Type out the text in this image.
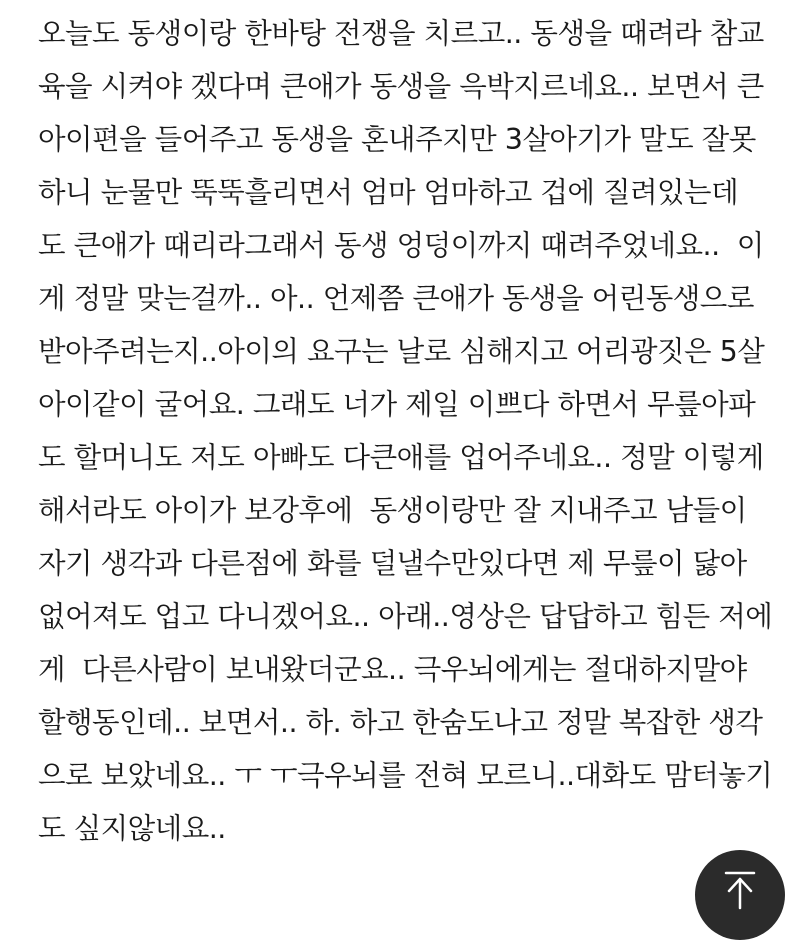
오늘도 동생이랑 한바탕 전쟁을 치르고.. 동생을 때려라 참교
육을 시켜야 겠다며 큰애가 동생을 윽박지르네요.. 보면서 큰
아이편을 들어주고 동생을 혼내주지만 3살아기가 말도 잘못
하니 눈물만 뚝뚝흘리면서 엄마 엄마하고 겁에 질려있는데
도 큰애가 때리라그래서 동생 엉덩이까지 때려주었네요..  이
게 정말 맞는걸까.. 아.. 언제쯤 큰애가 동생을 어린동생으로
받아주려는지..아이의 요구는 날로 심해지고 어리광짓은 5살
아이같이 굴어요. 그래도 너가 제일 이쁘다 하면서 무릎아파
도 할머니도 저도 아빠도 다큰애를 업어주네요.. 정말 이렇게
해서라도 아이가 보강후에  동생이랑만 잘 지내주고 남들이
자기 생각과 다른점에 화를 덜낼수만있다면 제 무릎이 닳아
없어져도 업고 다니겠어요.. 아래..영상은 답답하고 힘든 저에
게  다른사람이 보내왔더군요.. 극우뇌에게는 절대하지말야
할행동인데.. 보면서.. 하. 하고 한숨도나고 정말 복잡한 생각
으로 보았네요.. ㅜ ㅜ극우뇌를 전혀 모르니..대화도 맘터놓기
도 싶지않네요..
